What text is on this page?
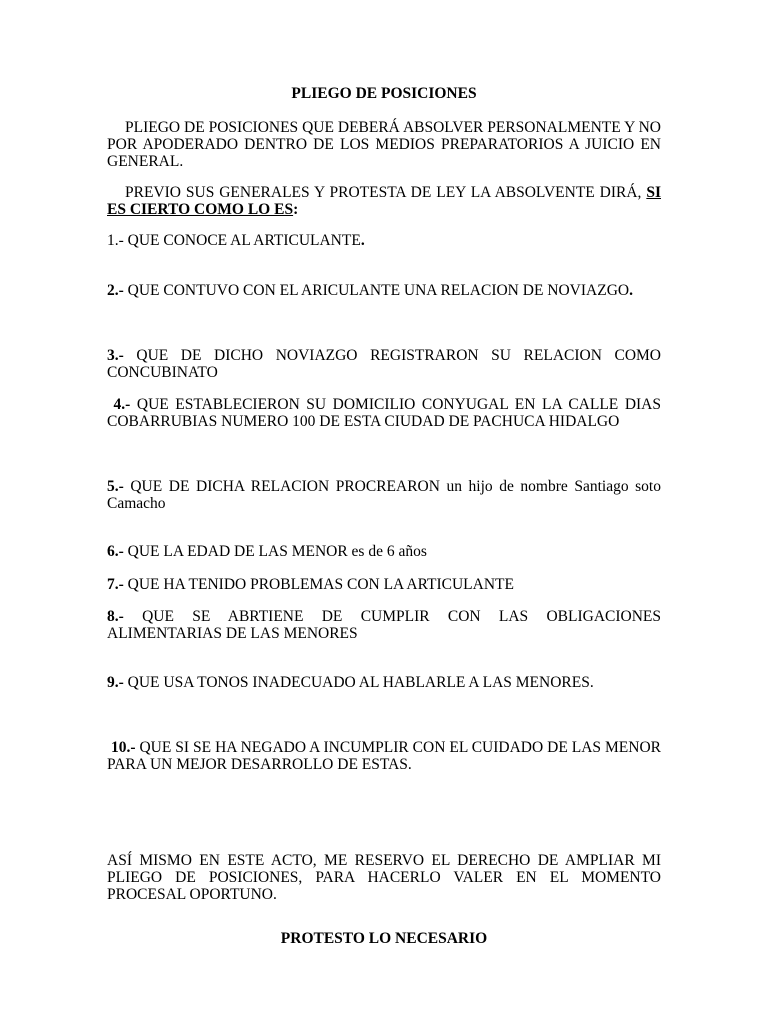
PLIEGO DE POSICIONES

PLIEGO DE POSICIONES QUE DEBERÁ ABSOLVER PERSONALMENTE Y NO POR APODERADO DENTRO DE LOS MEDIOS PREPARATORIOS A JUICIO EN GENERAL.

PREVIO SUS GENERALES Y PROTESTA DE LEY LA ABSOLVENTE DIRÁ, SI ES CIERTO COMO LO ES:

1.- QUE CONOCE AL ARTICULANTE.

2.- QUE CONTUVO CON EL ARICULANTE UNA RELACION DE NOVIAZGO.

3.- QUE DE DICHO NOVIAZGO REGISTRARON SU RELACION COMO CONCUBINATO

4.- QUE ESTABLECIERON SU DOMICILIO CONYUGAL EN LA CALLE DIAS COBARRUBIAS NUMERO 100 DE ESTA CIUDAD DE PACHUCA HIDALGO

5.- QUE DE DICHA RELACION PROCREARON un hijo de nombre Santiago soto Camacho

6.- QUE LA EDAD DE LAS MENOR es de 6 años

7.- QUE HA TENIDO PROBLEMAS CON LA ARTICULANTE

8.- QUE SE ABRTIENE DE CUMPLIR CON LAS OBLIGACIONES ALIMENTARIAS DE LAS MENORES

9.- QUE USA TONOS INADECUADO AL HABLARLE A LAS MENORES.

10.- QUE SI SE HA NEGADO A INCUMPLIR CON EL CUIDADO DE LAS MENOR PARA UN MEJOR DESARROLLO DE ESTAS.

ASÍ MISMO EN ESTE ACTO, ME RESERVO EL DERECHO DE AMPLIAR MI PLIEGO DE POSICIONES, PARA HACERLO VALER EN EL MOMENTO PROCESAL OPORTUNO.

PROTESTO LO NECESARIO
